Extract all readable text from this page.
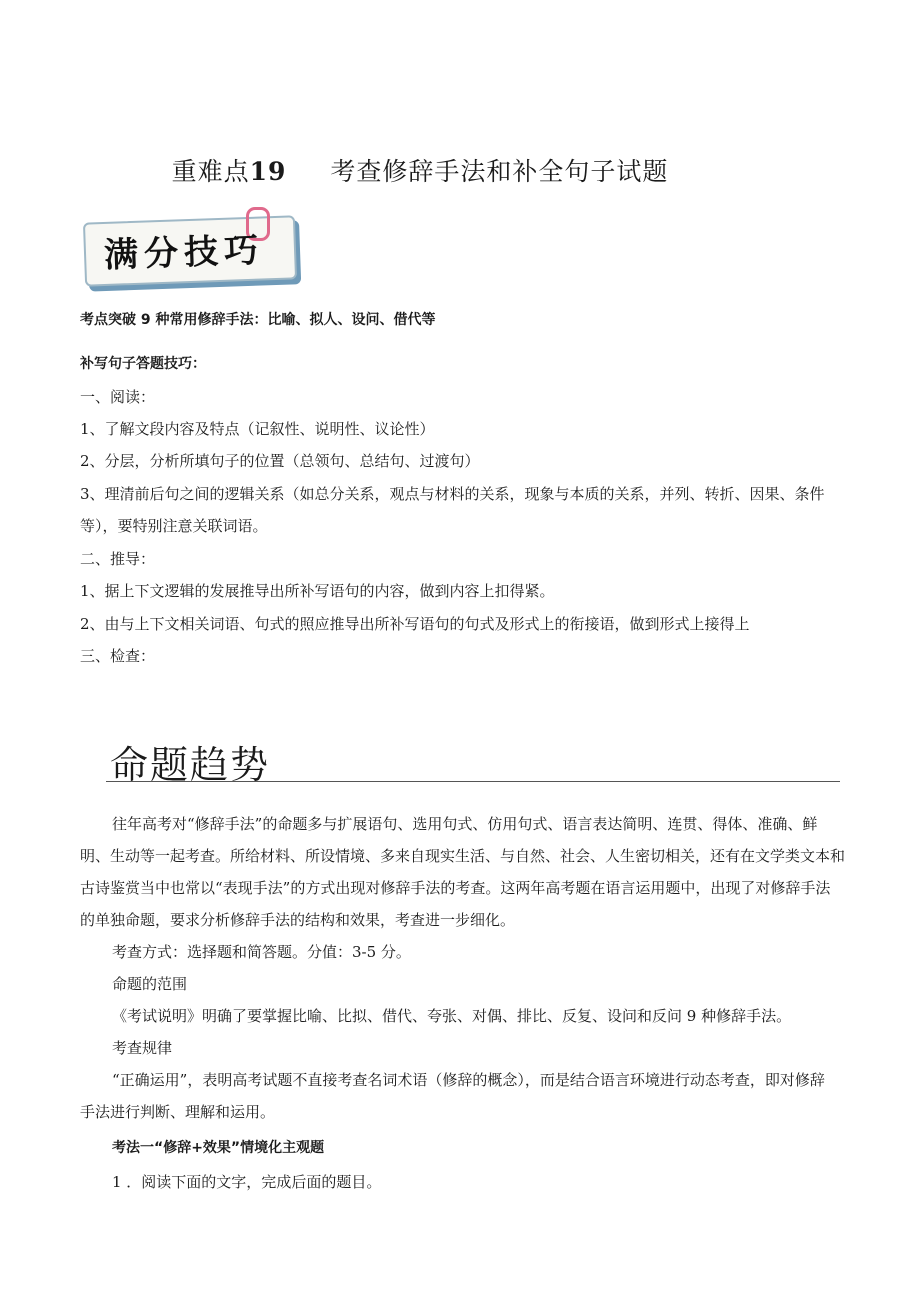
重难点19 考查修辞手法和补全句子试题
满分技巧
考点突破 9 种常用修辞手法：比喻、拟人、设问、借代等
补写句子答题技巧：
一、阅读：
1、了解文段内容及特点（记叙性、说明性、议论性）
2、分层，分析所填句子的位置（总领句、总结句、过渡句）
3、理清前后句之间的逻辑关系（如总分关系，观点与材料的关系，现象与本质的关系，并列、转折、因果、条件
等），要特别注意关联词语。
二、推导：
1、据上下文逻辑的发展推导出所补写语句的内容，做到内容上扣得紧。
2、由与上下文相关词语、句式的照应推导出所补写语句的句式及形式上的衔接语，做到形式上接得上
三、检查：
命题趋势
往年高考对“修辞手法”的命题多与扩展语句、选用句式、仿用句式、语言表达简明、连贯、得体、准确、鲜
明、生动等一起考查。所给材料、所设情境、多来自现实生活、与自然、社会、人生密切相关，还有在文学类文本和
古诗鉴赏当中也常以“表现手法”的方式出现对修辞手法的考查。这两年高考题在语言运用题中，出现了对修辞手法
的单独命题，要求分析修辞手法的结构和效果，考查进一步细化。
考查方式：选择题和简答题。分值：3-5 分。
命题的范围
《考试说明》明确了要掌握比喻、比拟、借代、夸张、对偶、排比、反复、设问和反问 9 种修辞手法。
考查规律
“正确运用”，表明高考试题不直接考查名词术语（修辞的概念），而是结合语言环境进行动态考查，即对修辞
手法进行判断、理解和运用。
考法一“修辞+效果”情境化主观题
1 ．阅读下面的文字，完成后面的题目。
